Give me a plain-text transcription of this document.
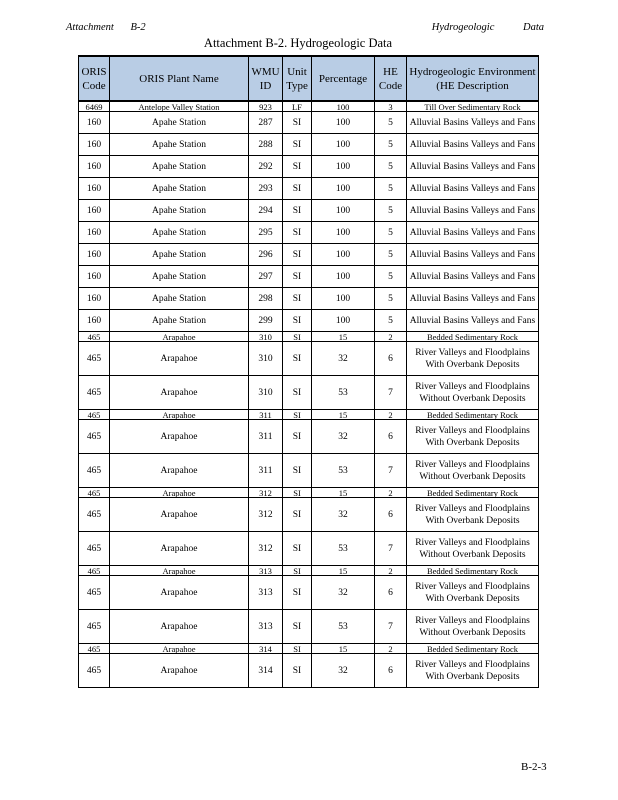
Attachment B-2	Hydrogeologic	Data
Attachment B-2. Hydrogeologic Data
ORIS Code	ORIS Plant Name	WMU ID	Unit Type	Percentage	HE Code	Hydrogeologic Environment (HE Description
6469	Antelope Valley Station	923	LF	100	3	Till Over Sedimentary Rock
160	Apahe Station	287	SI	100	5	Alluvial Basins Valleys and Fans
160	Apahe Station	288	SI	100	5	Alluvial Basins Valleys and Fans
160	Apahe Station	292	SI	100	5	Alluvial Basins Valleys and Fans
160	Apahe Station	293	SI	100	5	Alluvial Basins Valleys and Fans
160	Apahe Station	294	SI	100	5	Alluvial Basins Valleys and Fans
160	Apahe Station	295	SI	100	5	Alluvial Basins Valleys and Fans
160	Apahe Station	296	SI	100	5	Alluvial Basins Valleys and Fans
160	Apahe Station	297	SI	100	5	Alluvial Basins Valleys and Fans
160	Apahe Station	298	SI	100	5	Alluvial Basins Valleys and Fans
160	Apahe Station	299	SI	100	5	Alluvial Basins Valleys and Fans
465	Arapahoe	310	SI	15	2	Bedded Sedimentary Rock
465	Arapahoe	310	SI	32	6	River Valleys and Floodplains With Overbank Deposits
465	Arapahoe	310	SI	53	7	River Valleys and Floodplains Without Overbank Deposits
465	Arapahoe	311	SI	15	2	Bedded Sedimentary Rock
465	Arapahoe	311	SI	32	6	River Valleys and Floodplains With Overbank Deposits
465	Arapahoe	311	SI	53	7	River Valleys and Floodplains Without Overbank Deposits
465	Arapahoe	312	SI	15	2	Bedded Sedimentary Rock
465	Arapahoe	312	SI	32	6	River Valleys and Floodplains With Overbank Deposits
465	Arapahoe	312	SI	53	7	River Valleys and Floodplains Without Overbank Deposits
465	Arapahoe	313	SI	15	2	Bedded Sedimentary Rock
465	Arapahoe	313	SI	32	6	River Valleys and Floodplains With Overbank Deposits
465	Arapahoe	313	SI	53	7	River Valleys and Floodplains Without Overbank Deposits
465	Arapahoe	314	SI	15	2	Bedded Sedimentary Rock
465	Arapahoe	314	SI	32	6	River Valleys and Floodplains With Overbank Deposits
B-2-3
